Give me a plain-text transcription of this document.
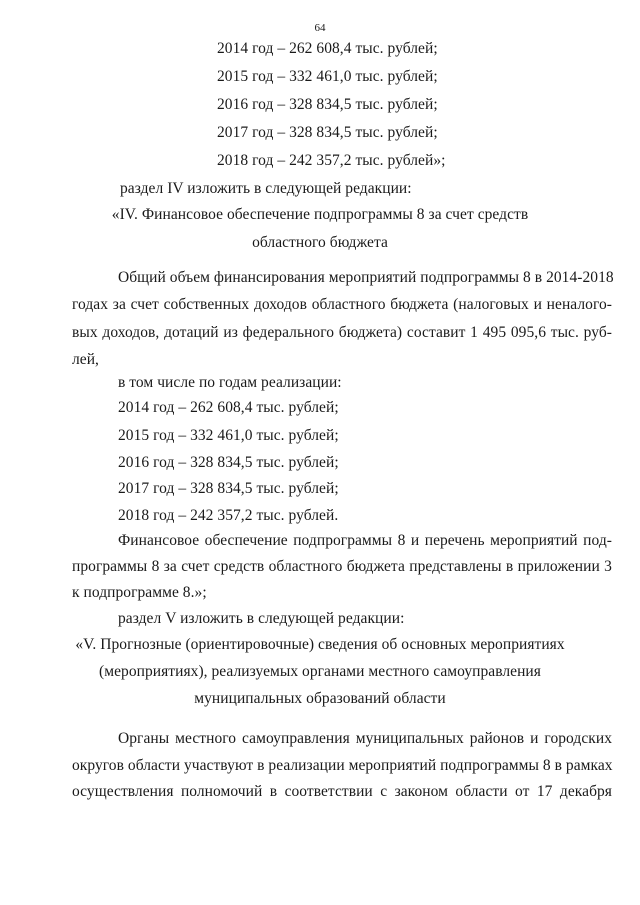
64
2014 год – 262 608,4 тыс. рублей;
2015 год – 332 461,0 тыс. рублей;
2016 год – 328 834,5 тыс. рублей;
2017 год – 328 834,5 тыс. рублей;
2018 год – 242 357,2 тыс. рублей»;
раздел IV изложить в следующей редакции:
«IV. Финансовое обеспечение подпрограммы 8 за счет средств
областного бюджета
Общий объем финансирования мероприятий подпрограммы 8 в 2014-2018
годах за счет собственных доходов областного бюджета (налоговых и неналого-
вых доходов, дотаций из федерального бюджета) составит 1 495 095,6 тыс. руб-
лей,
в том числе по годам реализации:
2014 год – 262 608,4 тыс. рублей;
2015 год – 332 461,0 тыс. рублей;
2016 год – 328 834,5 тыс. рублей;
2017 год – 328 834,5 тыс. рублей;
2018 год – 242 357,2 тыс. рублей.
Финансовое обеспечение подпрограммы 8 и перечень мероприятий под-
программы 8 за счет средств областного бюджета представлены в приложении 3
к подпрограмме 8.»;
раздел V изложить в следующей редакции:
«V. Прогнозные (ориентировочные) сведения об основных мероприятиях
(мероприятиях), реализуемых органами местного самоуправления
муниципальных образований области
Органы местного самоуправления муниципальных районов и городских
округов области участвуют в реализации мероприятий подпрограммы 8 в рамках
осуществления полномочий в соответствии с законом области от 17 декабря
